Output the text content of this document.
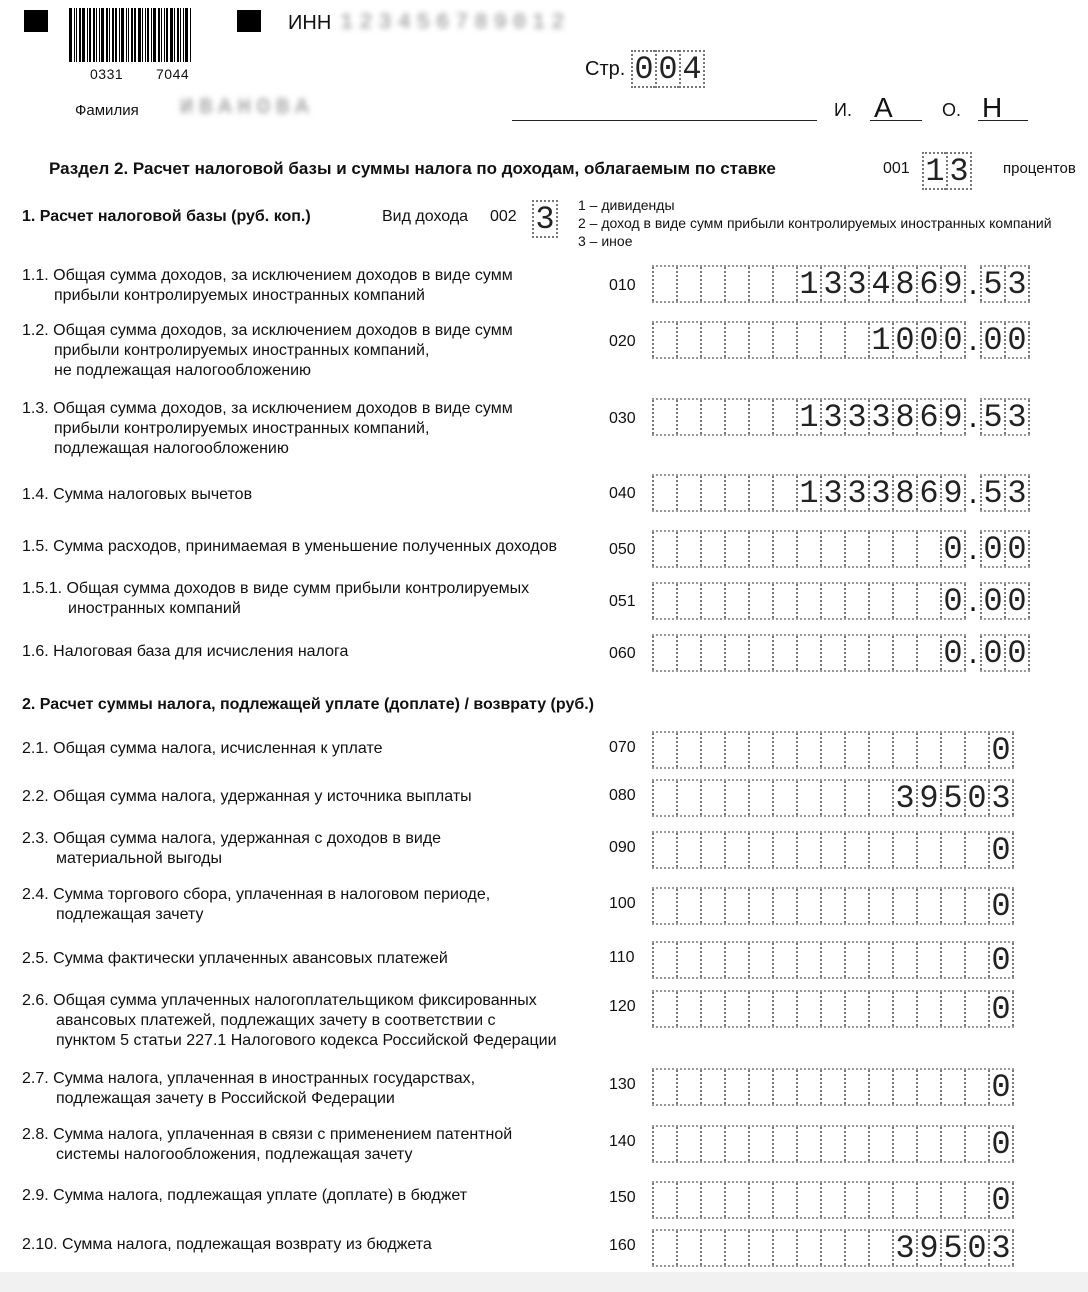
0331 7044
ИНН 123456789012
Стр. 0 0 4
Фамилия ИВАНОВА	И. А	О. Н
Раздел 2. Расчет налоговой базы и суммы налога по доходам, облагаемым по ставке	001 1 3 процентов
1. Расчет налоговой базы (руб. коп.)	Вид дохода 002 3 1 – дивиденды
2 – доход в виде сумм прибыли контролируемых иностранных компаний
3 – иное
1.1. Общая сумма доходов, за исключением доходов в виде сумм
прибыли контролируемых иностранных компаний
010	1 3 3 4 8 6 9 . 5 3
1.2. Общая сумма доходов, за исключением доходов в виде сумм
прибыли контролируемых иностранных компаний,
не подлежащая налогообложению
020	1 0 0 0 . 0 0
1.3. Общая сумма доходов, за исключением доходов в виде сумм
прибыли контролируемых иностранных компаний,
подлежащая налогообложению
030	1 3 3 3 8 6 9 . 5 3
1.4. Сумма налоговых вычетов	040	1 3 3 3 8 6 9 . 5 3
1.5. Сумма расходов, принимаемая в уменьшение полученных доходов	050	0 . 0 0
1.5.1. Общая сумма доходов в виде сумм прибыли контролируемых
иностранных компаний	051	0 . 0 0
1.6. Налоговая база для исчисления налога	060	0 . 0 0
2. Расчет суммы налога, подлежащей уплате (доплате) / возврату (руб.)
2.1. Общая сумма налога, исчисленная к уплате	070	0
2.2. Общая сумма налога, удержанная у источника выплаты	080	3 9 5 0 3
2.3. Общая сумма налога, удержанная с доходов в виде
материальной выгоды
090	0
2.4. Сумма торгового сбора, уплаченная в налоговом периоде,
подлежащая зачету
100	0
2.5. Сумма фактически уплаченных авансовых платежей	110	0
2.6. Общая сумма уплаченных налогоплательщиком фиксированных
авансовых платежей, подлежащих зачету в соответствии с
пунктом 5 статьи 227.1 Налогового кодекса Российской Федерации
120	0
2.7. Сумма налога, уплаченная в иностранных государствах,
подлежащая зачету в Российской Федерации
130	0
2.8. Сумма налога, уплаченная в связи с применением патентной
системы налогообложения, подлежащая зачету
140	0
2.9. Сумма налога, подлежащая уплате (доплате) в бюджет	150	0
2.10. Сумма налога, подлежащая возврату из бюджета	160	3 9 5 0 3
